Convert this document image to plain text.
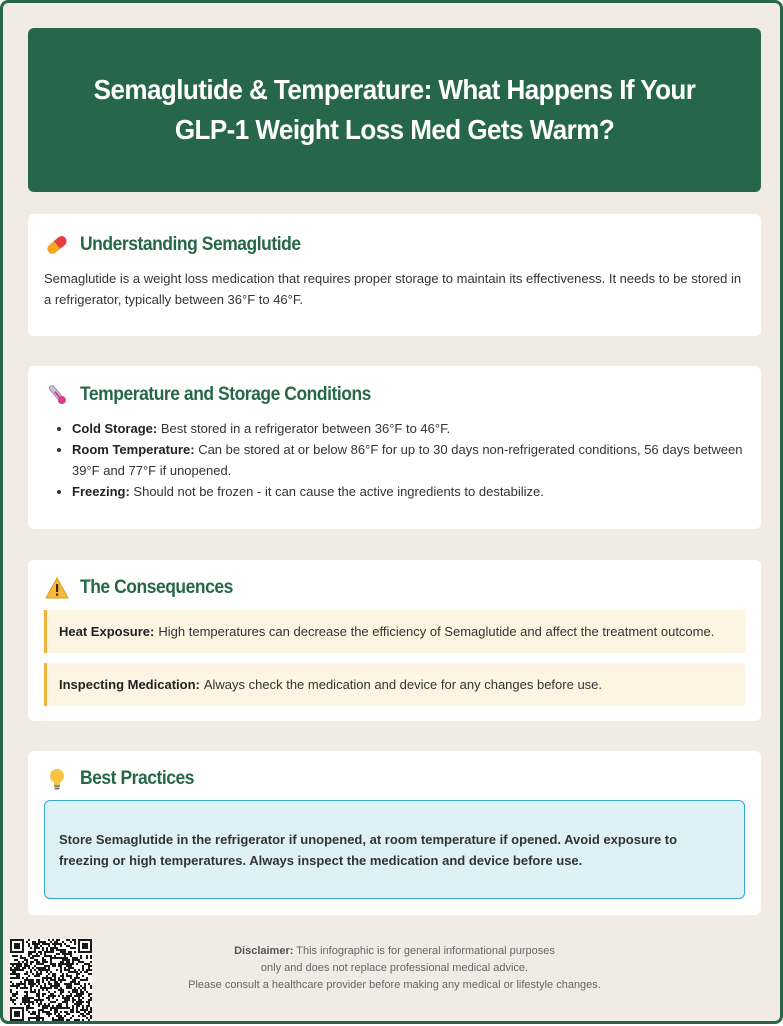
Semaglutide & Temperature: What Happens If Your GLP-1 Weight Loss Med Gets Warm?
Understanding Semaglutide

Semaglutide is a weight loss medication that requires proper storage to maintain its effectiveness. It needs to be stored in a refrigerator, typically between 36°F to 46°F.

Temperature and Storage Conditions
• Cold Storage: Best stored in a refrigerator between 36°F to 46°F.
• Room Temperature: Can be stored at or below 86°F for up to 30 days non-refrigerated conditions, 56 days between 39°F and 77°F if unopened.
• Freezing: Should not be frozen - it can cause the active ingredients to destabilize.
The Consequences
Heat Exposure: High temperatures can decrease the efficiency of Semaglutide and affect the treatment outcome.
Inspecting Medication: Always check the medication and device for any changes before use.
Best Practices
Store Semaglutide in the refrigerator if unopened, at room temperature if opened. Avoid exposure to freezing or high temperatures. Always inspect the medication and device before use.
Disclaimer: This infographic is for general informational purposes
only and does not replace professional medical advice.
Please consult a healthcare provider before making any medical or lifestyle changes.
